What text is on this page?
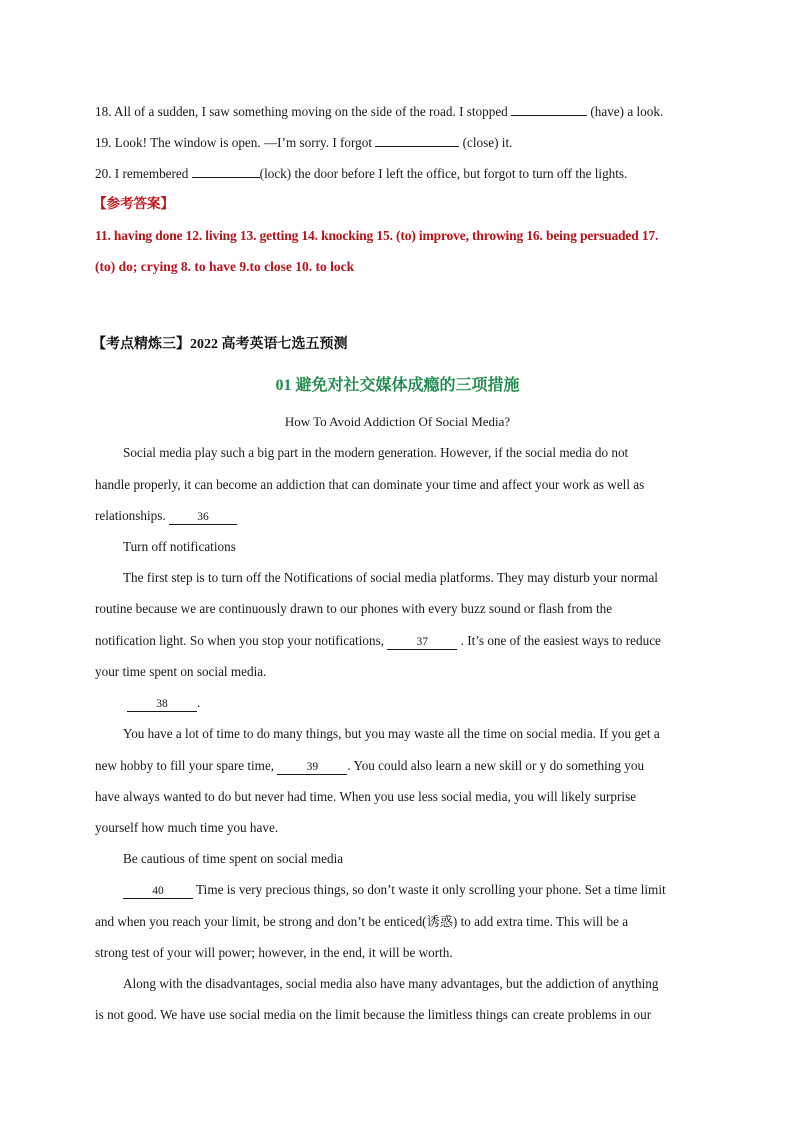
18. All of a sudden, I saw something moving on the side of the road. I stopped	(have) a look.
19. Look! The window is open. —I’m sorry. I forgot	(close) it.
20. I remembered	(lock) the door before I left the office, but forgot to turn off the lights.
【参考答案】
11. having done 12. living 13. getting 14. knocking 15. (to) improve, throwing 16. being persuaded 17.
(to) do; crying 8. to have 9.to close 10. to lock
【考点精炼三】2022 高考英语七选五预测
01 避免对社交媒体成瘾的三项措施
How To Avoid Addiction Of Social Media?
Social media play such a big part in the modern generation. However, if the social media do not
handle properly, it can become an addiction that can dominate your time and affect your work as well as
relationships. 36
Turn off notifications
The first step is to turn off the Notifications of social media platforms. They may disturb your normal
routine because we are continuously drawn to our phones with every buzz sound or flash from the
notification light. So when you stop your notifications,	37 . It’s one of the easiest ways to reduce
your time spent on social media.
38 .
You have a lot of time to do many things, but you may waste all the time on social media. If you get a
new hobby to fill your spare time,	39 . You could also learn a new skill or y do something you
have always wanted to do but never had time. When you use less social media, you will likely surprise
yourself how much time you have.
Be cautious of time spent on social media
40 Time is very precious things, so don’t waste it only scrolling your phone. Set a time limit
and when you reach your limit, be strong and don’t be enticed(诱惑) to add extra time. This will be a
strong test of your will power; however, in the end, it will be worth.
Along with the disadvantages, social media also have many advantages, but the addiction of anything
is not good. We have use social media on the limit because the limitless things can create problems in our
